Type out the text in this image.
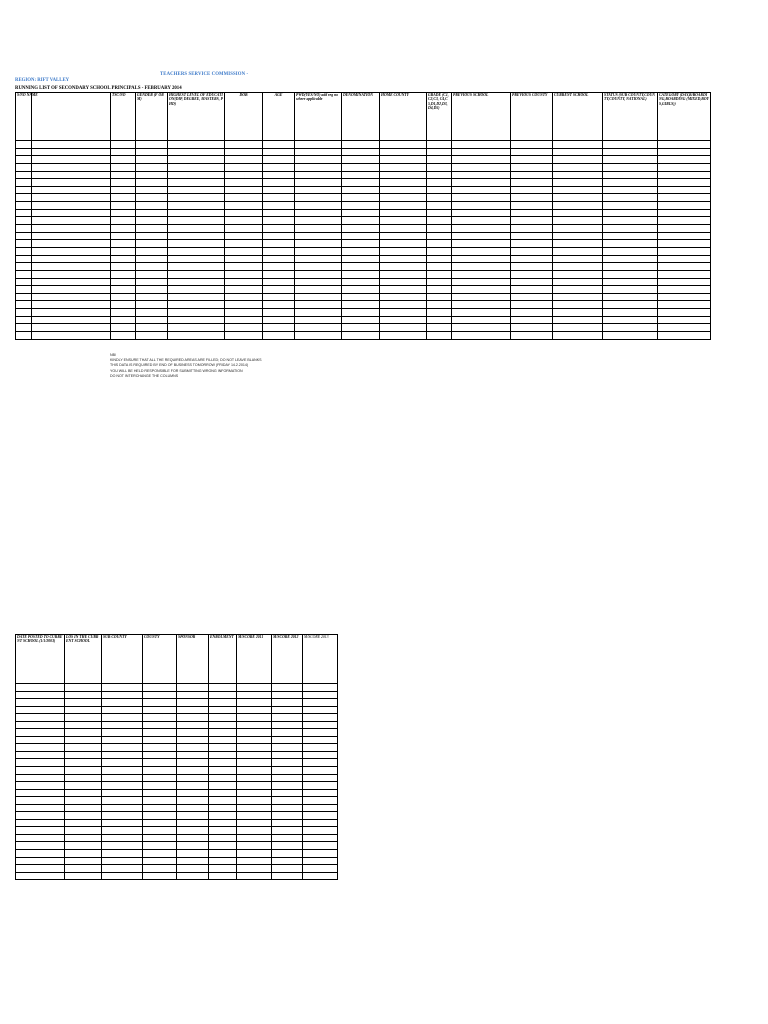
TEACHERS SERVICE COMMISSION -
REGION: RIFT VALLEY
RUNNING LIST OF SECONDARY SCHOOL PRINCIPALS - FEBRUARY 2014
S/NO NAME		TSC/NO	GENDER (F OR M)	HIGHEST LEVEL OF EDUCATION(DIP, DEGREE, MASTERS, PHD)	DOB	AGE	PWD(YES/NO) add reg no where applicable	DENOMINATION	HOME COUNTY	GRADE (C1,C2,C3, C4,C5,D1,D2,D3,D4,D5)	PREVIOUS SCHOOL	PREVIOUS COUNTY	CURRENT SCHOOL	STATUS (SUB COUNTY,COUNTY,COUNTY, NATIONAL)	CATEGORY (DAY,B/BOARDING,BOARDING (MIXED,BOYS,GIRLS))

NB/
KINDLY ENSURE THAT ALL THE REQUIRED AREAS ARE FILLED; DO NOT LEAVE BLANKS
THIS DATA IS REQUIRED BY END OF BUSINESS TOMORROW (FRIDAY 14.2.2014)
YOU WILL BE HELD RESPONSIBLE FOR SUBMITTING WRONG INFORMATION
DO NOT INTERCHANGE THE COLUMNS
DATE POSTED TO CURRENT SCHOOL (1/1/2003)	LOS IN THE CURRENT SCHOOL	SUB COUNTY	COUNTY	SPONSOR	ENROLMENT	M/SCORE 2011	M/SCORE 2012	M/SCORE 2013
